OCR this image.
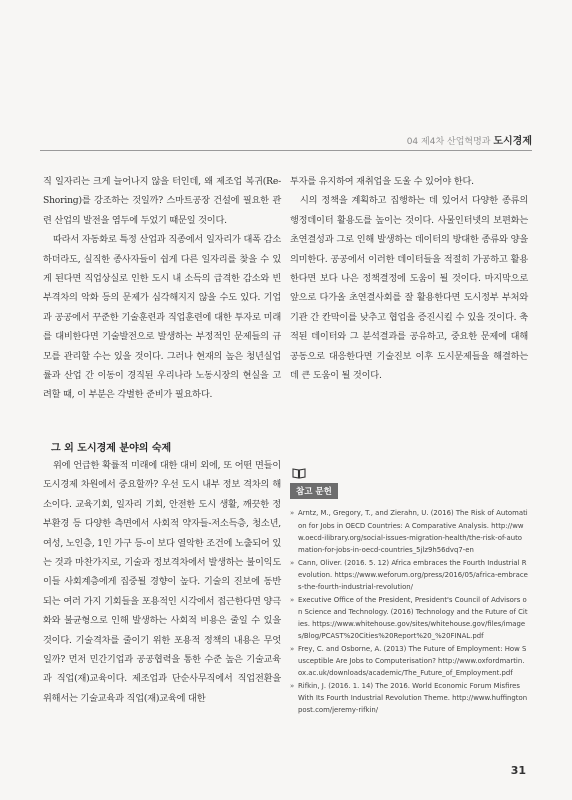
04 제4차 산업혁명과 도시경제

직 일자리는 크게 늘어나지 않을 터인데, 왜 제조업 복귀(Re-Shoring)를 강조하는 것일까? 스마트공장 건설에 필요한 관련 산업의 발전을 염두에 두었기 때문일 것이다.

따라서 자동화로 특정 산업과 직종에서 일자리가 대폭 감소하더라도, 실직한 종사자들이 쉽게 다른 일자리를 찾을 수 있게 된다면 직업상실로 인한 도시 내 소득의 급격한 감소와 빈부격차의 악화 등의 문제가 심각해지지 않을 수도 있다. 기업과 공공에서 꾸준한 기술훈련과 직업훈련에 대한 투자로 미래를 대비한다면 기술발전으로 발생하는 부정적인 문제들의 규모를 관리할 수는 있을 것이다. 그러나 현재의 높은 청년실업률과 산업 간 이동이 경직된 우리나라 노동시장의 현실을 고려할 때, 이 부분은 각별한 준비가 필요하다.

그 외 도시경제 분야의 숙제

위에 언급한 확률적 미래에 대한 대비 외에, 또 어떤 면들이 도시경제 차원에서 중요할까? 우선 도시 내부 정보 격차의 해소이다. 교육기회, 일자리 기회, 안전한 도시 생활, 깨끗한 정부환경 등 다양한 측면에서 사회적 약자들-저소득층, 청소년, 여성, 노인층, 1인 가구 등-이 보다 열악한 조건에 노출되어 있는 것과 마찬가지로, 기술과 정보격차에서 발생하는 불이익도 이들 사회계층에게 집중될 경향이 높다. 기술의 진보에 동반되는 여러 가지 기회들을 포용적인 시각에서 접근한다면 양극화와 불균형으로 인해 발생하는 사회적 비용은 줄일 수 있을 것이다. 기술격차를 줄이기 위한 포용적 정책의 내용은 무엇일까? 먼저 민간기업과 공공협력을 통한 수준 높은 기술교육과 직업(재)교육이다. 제조업과 단순사무직에서 직업전환을 위해서는 기술교육과 직업(재)교육에 대한

투자를 유지하여 재취업을 도울 수 있어야 한다.

시의 정책을 계획하고 집행하는 데 있어서 다양한 종류의 행정데이터 활용도를 높이는 것이다. 사물인터넷의 보편화는 초연결성과 그로 인해 발생하는 데이터의 방대한 종류와 양을 의미한다. 공공에서 이러한 데이터들을 적절히 가공하고 활용한다면 보다 나은 정책결정에 도움이 될 것이다. 마지막으로 앞으로 다가올 초연결사회를 잘 활용한다면 도시정부 부처와 기관 간 칸막이를 낮추고 협업을 증진시킬 수 있을 것이다. 축적된 데이터와 그 분석결과를 공유하고, 중요한 문제에 대해 공동으로 대응한다면 기술진보 이후 도시문제들을 해결하는 데 큰 도움이 될 것이다.

참고 문헌
» Arntz, M., Gregory, T., and Zierahn, U. (2016) The Risk of Automation for Jobs in OECD Countries: A Comparative Analysis. http://www.oecd-ilibrary.org/social-issues-migration-health/the-risk-of-automation-for-jobs-in-oecd-countries_5jlz9h56dvq7-en
» Cann, Oliver. (2016. 5. 12) Africa embraces the Fourth Industrial Revolution. https://www.weforum.org/press/2016/05/africa-embraces-the-fourth-industrial-revolution/
» Executive Office of the President, President's Council of Advisors on Science and Technology. (2016) Technology and the Future of Cities. https://www.whitehouse.gov/sites/whitehouse.gov/files/images/Blog/PCAST%20Cities%20Report%20_%20FINAL.pdf
» Frey, C. and Osborne, A. (2013) The Future of Employment: How Susceptible Are Jobs to Computerisation? http://www.oxfordmartin.ox.ac.uk/downloads/academic/The_Future_of_Employment.pdf
» Rifkin, J. (2016. 1. 14) The 2016. World Economic Forum Misfires With Its Fourth Industrial Revolution Theme. http://www.huffingtonpost.com/jeremy-rifkin/
31
